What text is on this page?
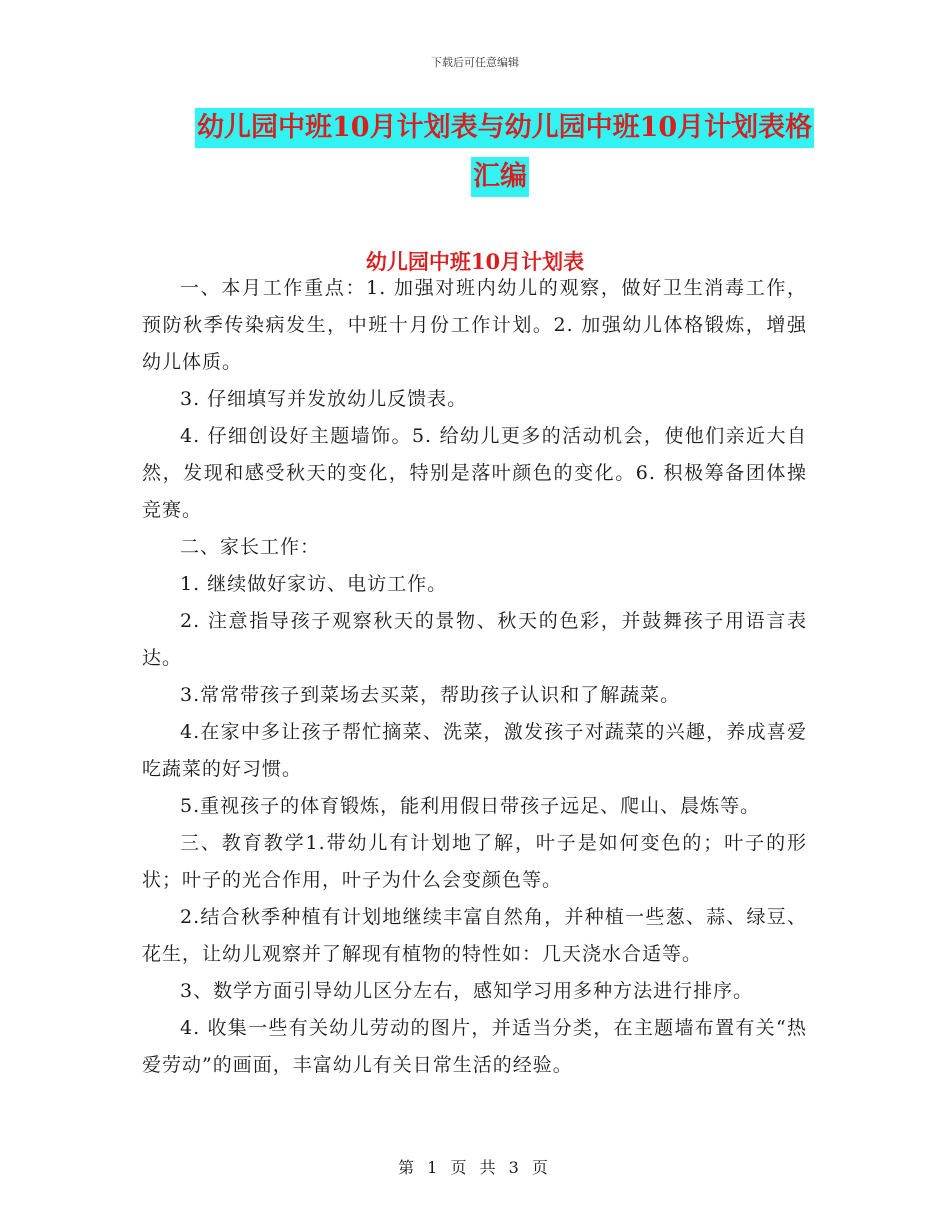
下载后可任意编辑
幼儿园中班10月计划表与幼儿园中班10月计划表格
汇编
幼儿园中班10月计划表

一、本月工作重点：1. 加强对班内幼儿的观察，做好卫生消毒工作，预防秋季传染病发生，中班十月份工作计划。2. 加强幼儿体格锻炼，增强幼儿体质。

3. 仔细填写并发放幼儿反馈表。

4. 仔细创设好主题墙饰。5. 给幼儿更多的活动机会，使他们亲近大自然，发现和感受秋天的变化，特别是落叶颜色的变化。6. 积极筹备团体操竞赛。

二、家长工作：

1. 继续做好家访、电访工作。

2. 注意指导孩子观察秋天的景物、秋天的色彩，并鼓舞孩子用语言表达。

3.常常带孩子到菜场去买菜，帮助孩子认识和了解蔬菜。

4.在家中多让孩子帮忙摘菜、洗菜，激发孩子对蔬菜的兴趣，养成喜爱吃蔬菜的好习惯。

5.重视孩子的体育锻炼，能利用假日带孩子远足、爬山、晨炼等。

三、教育教学1.带幼儿有计划地了解，叶子是如何变色的；叶子的形状；叶子的光合作用，叶子为什么会变颜色等。

2.结合秋季种植有计划地继续丰富自然角，并种植一些葱、蒜、绿豆、花生，让幼儿观察并了解现有植物的特性如：几天浇水合适等。

3、数学方面引导幼儿区分左右，感知学习用多种方法进行排序。

4. 收集一些有关幼儿劳动的图片，并适当分类，在主题墙布置有关“热爱劳动”的画面，丰富幼儿有关日常生活的经验。

第 1 页 共 3 页
